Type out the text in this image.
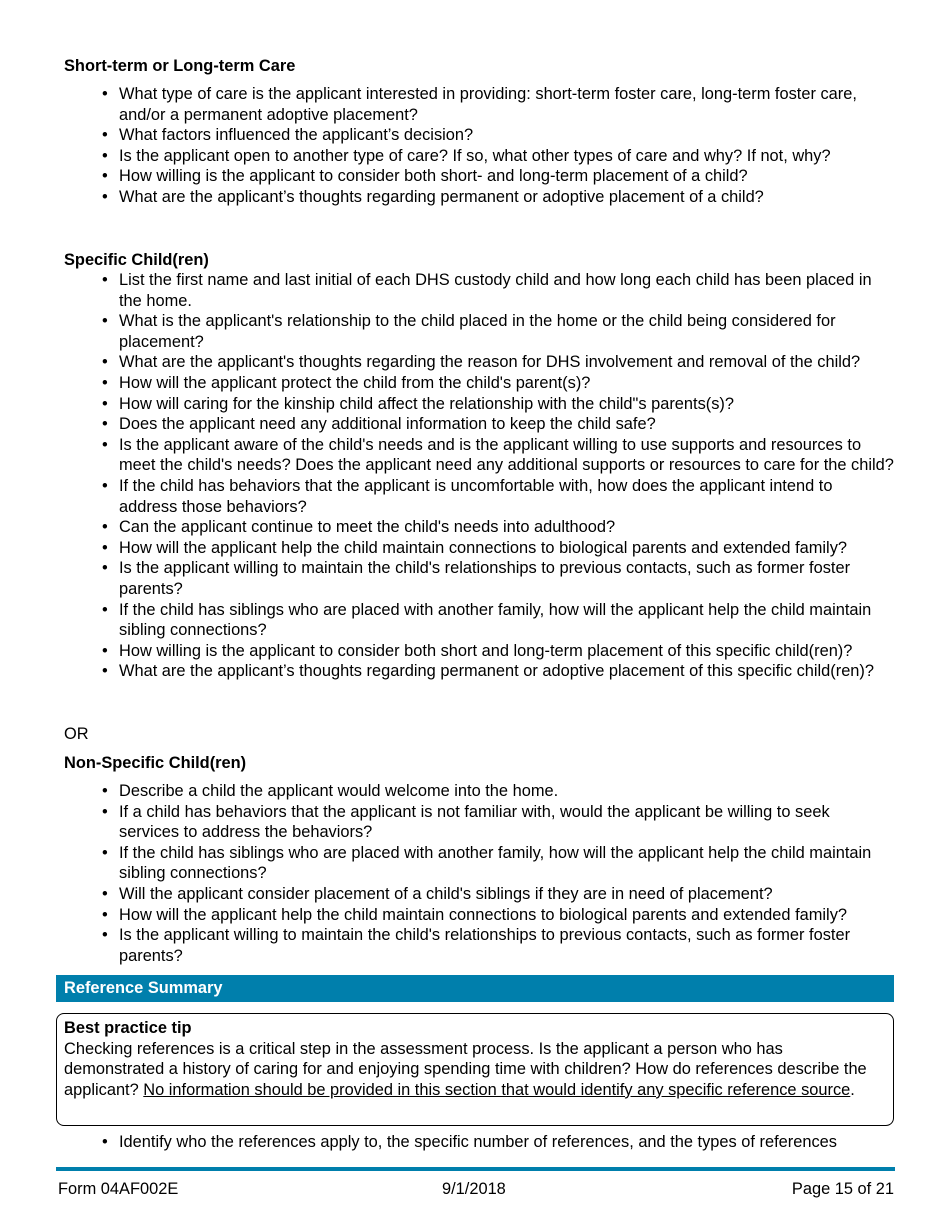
Short-term or Long-term Care
• What type of care is the applicant interested in providing: short-term foster care, long-term foster care, and/or a permanent adoptive placement?
• What factors influenced the applicant’s decision?
• Is the applicant open to another type of care? If so, what other types of care and why? If not, why?
• How willing is the applicant to consider both short- and long-term placement of a child?
• What are the applicant’s thoughts regarding permanent or adoptive placement of a child?
Specific Child(ren)
• List the first name and last initial of each DHS custody child and how long each child has been placed in the home.
• What is the applicant's relationship to the child placed in the home or the child being considered for placement?
• What are the applicant's thoughts regarding the reason for DHS involvement and removal of the child?
• How will the applicant protect the child from the child's parent(s)?
• How will caring for the kinship child affect the relationship with the child"s parents(s)?
• Does the applicant need any additional information to keep the child safe?
• Is the applicant aware of the child's needs and is the applicant willing to use supports and resources to meet the child's needs? Does the applicant need any additional supports or resources to care for the child?
• If the child has behaviors that the applicant is uncomfortable with, how does the applicant intend to address those behaviors?
• Can the applicant continue to meet the child's needs into adulthood?
• How will the applicant help the child maintain connections to biological parents and extended family?
• Is the applicant willing to maintain the child's relationships to previous contacts, such as former foster parents?
• If the child has siblings who are placed with another family, how will the applicant help the child maintain sibling connections?
• How willing is the applicant to consider both short and long-term placement of this specific child(ren)?
• What are the applicant’s thoughts regarding permanent or adoptive placement of this specific child(ren)?
OR
Non-Specific Child(ren)
• Describe a child the applicant would welcome into the home.
• If a child has behaviors that the applicant is not familiar with, would the applicant be willing to seek services to address the behaviors?
• If the child has siblings who are placed with another family, how will the applicant help the child maintain sibling connections?
• Will the applicant consider placement of a child's siblings if they are in need of placement?
• How will the applicant help the child maintain connections to biological parents and extended family?
• Is the applicant willing to maintain the child's relationships to previous contacts, such as former foster parents?
Reference Summary
Best practice tip
Checking references is a critical step in the assessment process. Is the applicant a person who has demonstrated a history of caring for and enjoying spending time with children? How do references describe the applicant? No information should be provided in this section that would identify any specific reference source.
• Identify who the references apply to, the specific number of references, and the types of references
Form 04AF002E	9/1/2018	Page 15 of 21
